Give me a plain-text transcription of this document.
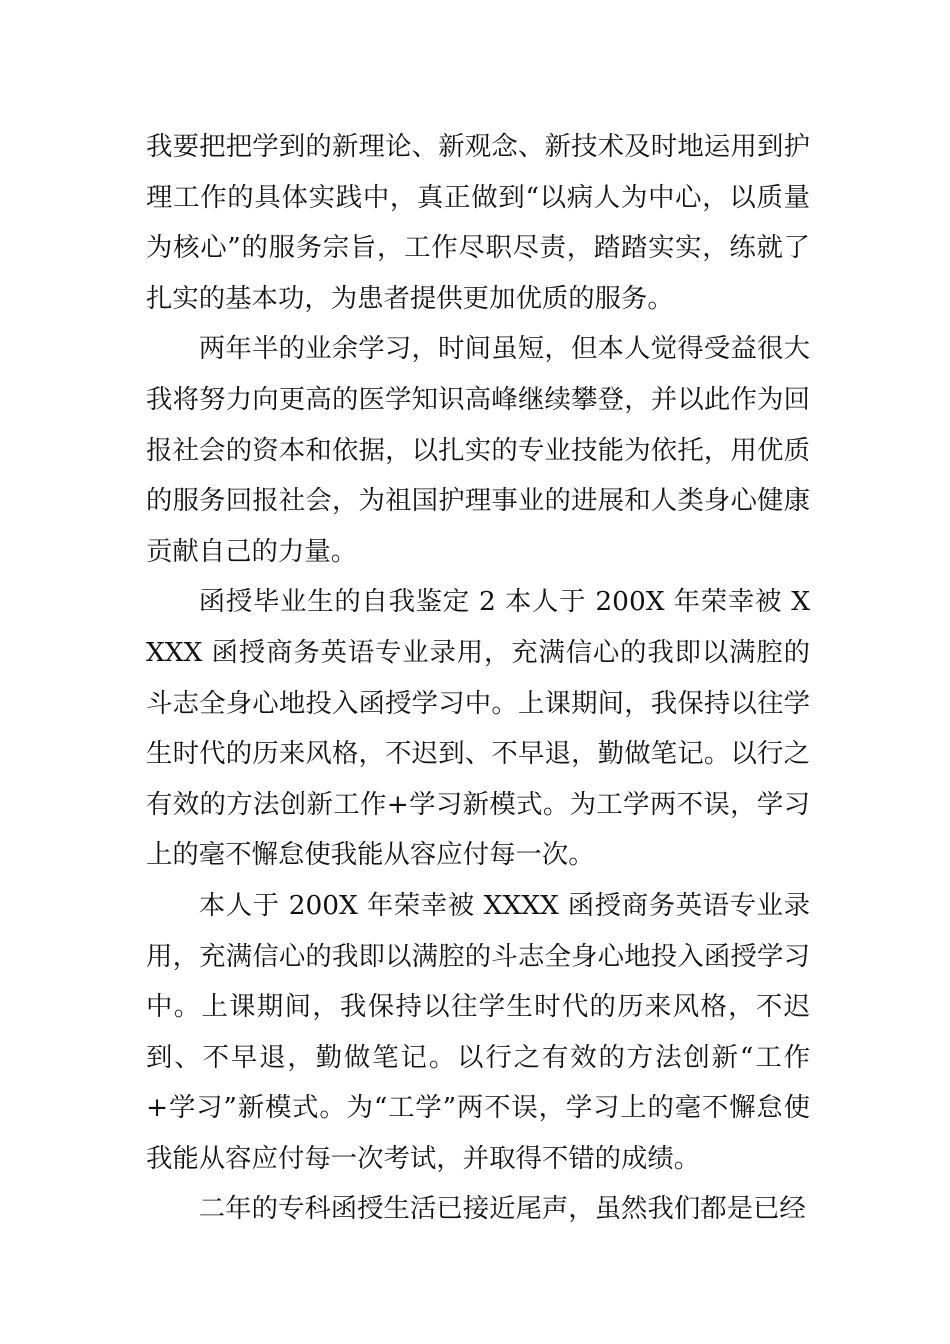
我要把把学到的新理论、新观念、新技术及时地运用到护理工作的具体实践中，真正做到“以病人为中心，以质量为核心”的服务宗旨，工作尽职尽责，踏踏实实，练就了扎实的基本功，为患者提供更加优质的服务。

两年半的业余学习，时间虽短，但本人觉得受益很大我将努力向更高的医学知识高峰继续攀登，并以此作为回报社会的资本和依据，以扎实的专业技能为依托，用优质的服务回报社会，为祖国护理事业的进展和人类身心健康贡献自己的力量。

函授毕业生的自我鉴定 2 本人于 200X 年荣幸被 XXXX 函授商务英语专业录用，充满信心的我即以满腔的斗志全身心地投入函授学习中。上课期间，我保持以往学生时代的历来风格，不迟到、不早退，勤做笔记。以行之有效的方法创新工作+学习新模式。为工学两不误，学习上的毫不懈怠使我能从容应付每一次。

本人于 200X 年荣幸被 XXXX 函授商务英语专业录用，充满信心的我即以满腔的斗志全身心地投入函授学习中。上课期间，我保持以往学生时代的历来风格，不迟到、不早退，勤做笔记。以行之有效的方法创新“工作+学习”新模式。为“工学”两不误，学习上的毫不懈怠使我能从容应付每一次考试，并取得不错的成绩。

二年的专科函授生活已接近尾声，虽然我们都是已经
